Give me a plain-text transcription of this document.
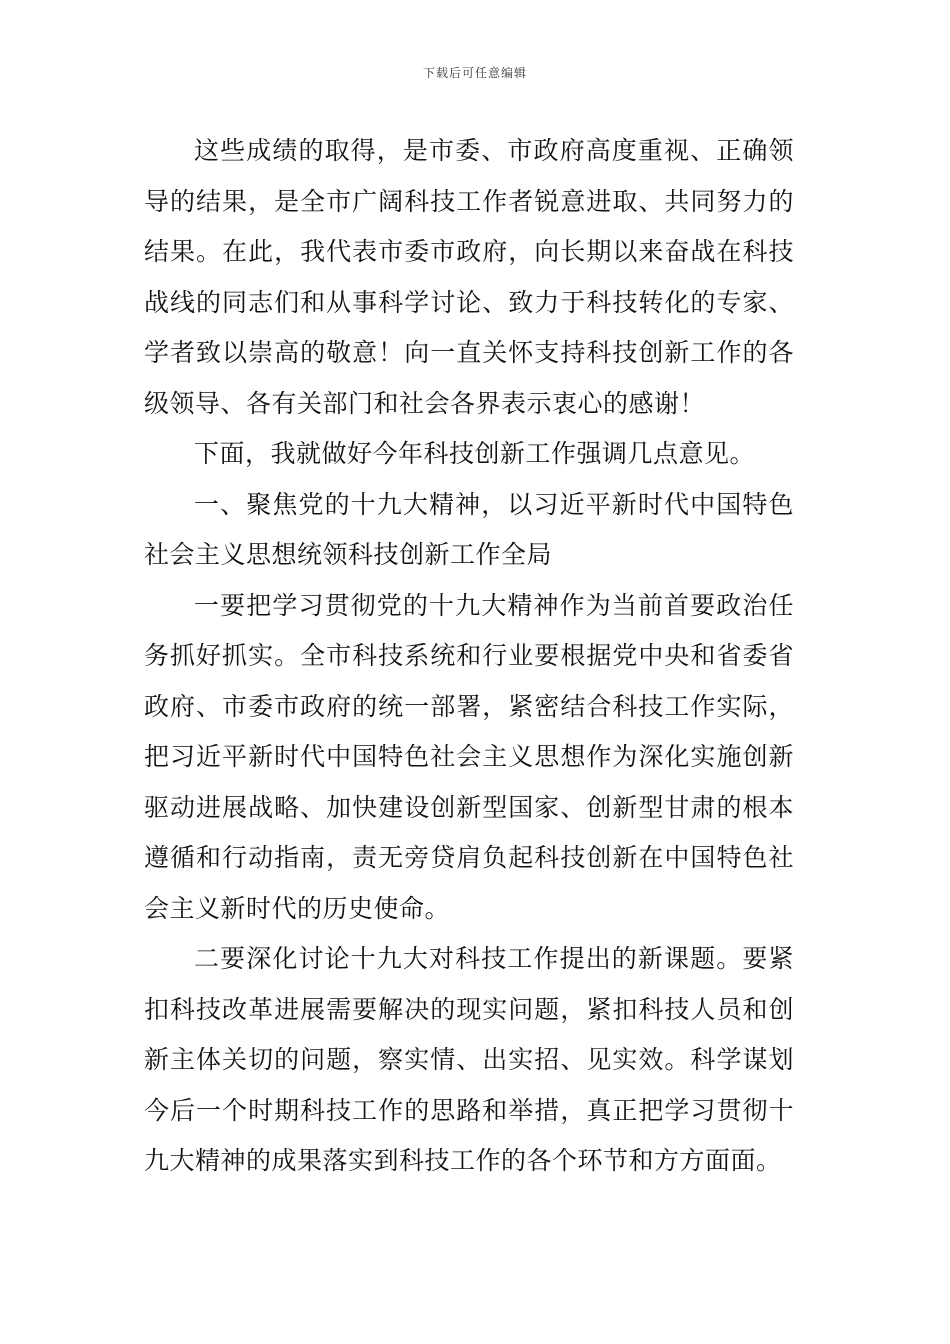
下载后可任意编辑

这些成绩的取得，是市委、市政府高度重视、正确领导的结果，是全市广阔科技工作者锐意进取、共同努力的结果。在此，我代表市委市政府，向长期以来奋战在科技战线的同志们和从事科学讨论、致力于科技转化的专家、学者致以崇高的敬意！向一直关怀支持科技创新工作的各级领导、各有关部门和社会各界表示衷心的感谢！

下面，我就做好今年科技创新工作强调几点意见。

一、聚焦党的十九大精神，以习近平新时代中国特色社会主义思想统领科技创新工作全局

一要把学习贯彻党的十九大精神作为当前首要政治任务抓好抓实。全市科技系统和行业要根据党中央和省委省政府、市委市政府的统一部署，紧密结合科技工作实际，把习近平新时代中国特色社会主义思想作为深化实施创新驱动进展战略、加快建设创新型国家、创新型甘肃的根本遵循和行动指南，责无旁贷肩负起科技创新在中国特色社会主义新时代的历史使命。

二要深化讨论十九大对科技工作提出的新课题。要紧扣科技改革进展需要解决的现实问题，紧扣科技人员和创新主体关切的问题，察实情、出实招、见实效。科学谋划今后一个时期科技工作的思路和举措，真正把学习贯彻十九大精神的成果落实到科技工作的各个环节和方方面面。
